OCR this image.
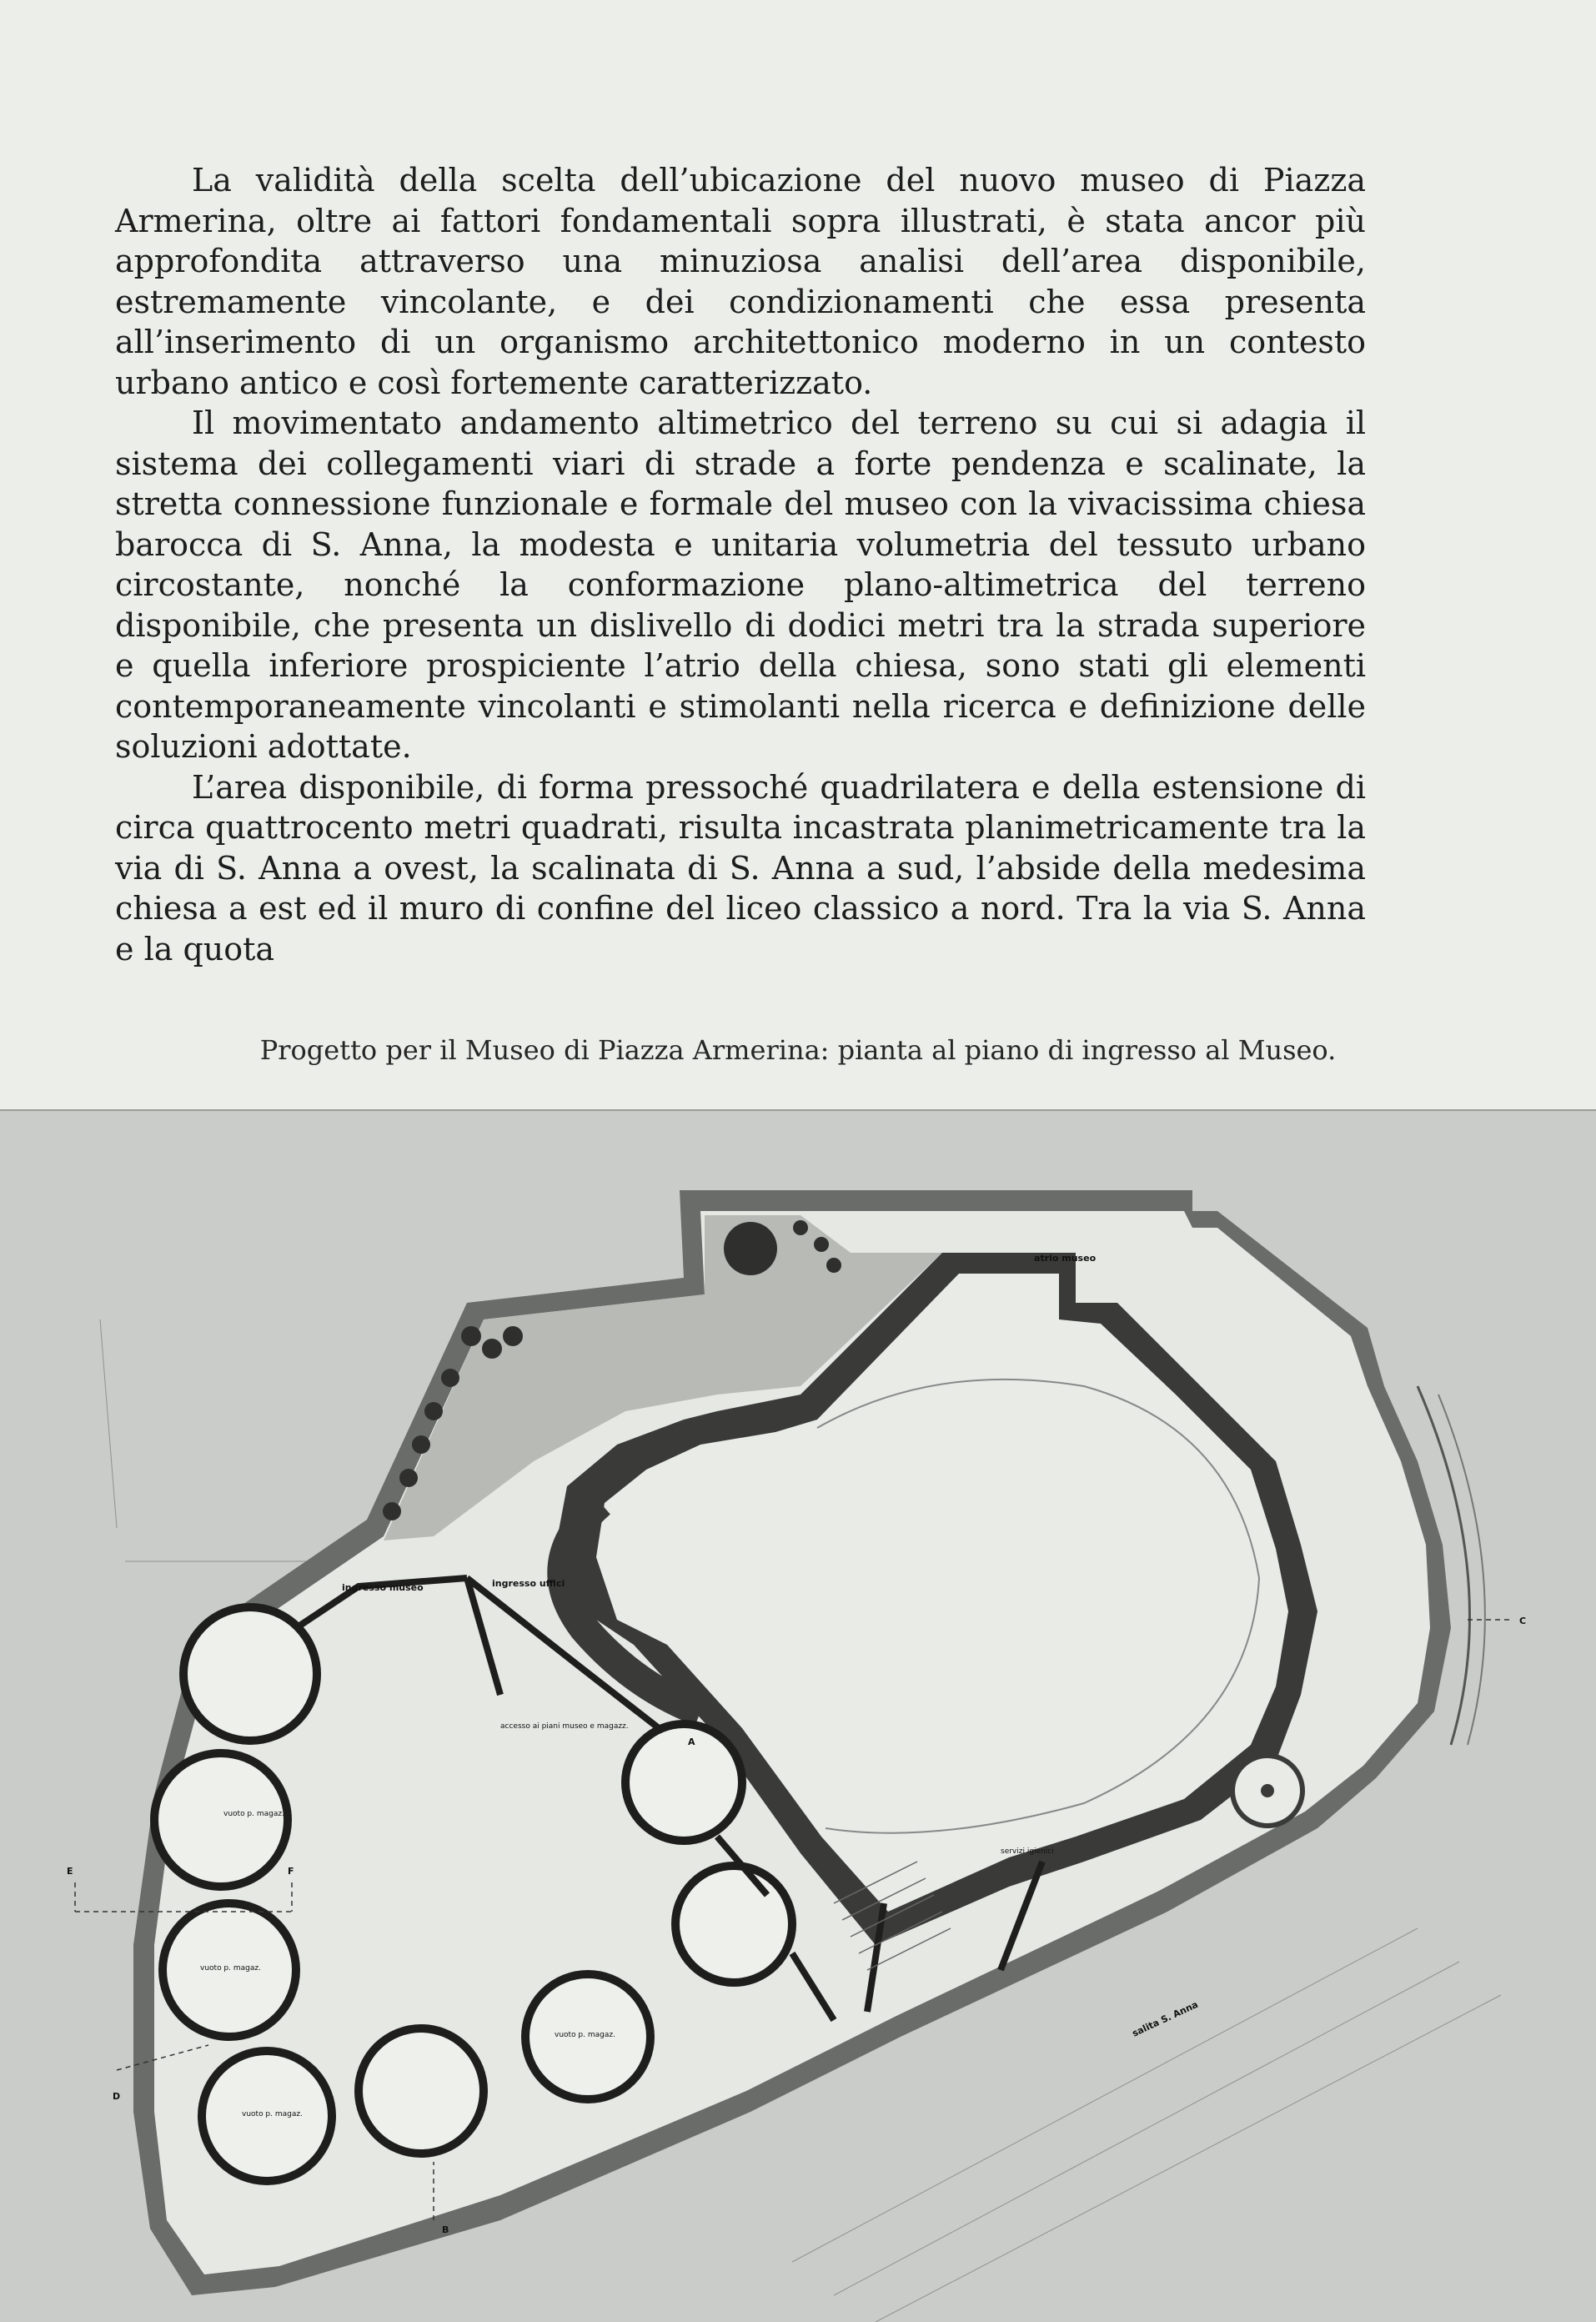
La validità della scelta dell’ubicazione del nuovo museo di Piazza Armerina, oltre ai fattori fondamentali sopra illustrati, è stata ancor più approfondita attraverso una minuziosa analisi dell’area disponibile, estremamente vincolante, e dei condizionamenti che essa presenta all’inserimento di un organismo architettonico moderno in un contesto urbano antico e così fortemente caratterizzato.

Il movimentato andamento altimetrico del terreno su cui si adagia il sistema dei collegamenti viari di strade a forte pendenza e scalinate, la stretta connessione funzionale e formale del museo con la vivacissima chiesa barocca di S. Anna, la modesta e unitaria volumetria del tessuto urbano circostante, nonché la conformazione plano-altimetrica del terreno disponibile, che presenta un dislivello di dodici metri tra la strada superiore e quella inferiore prospiciente l’atrio della chiesa, sono stati gli elementi contemporaneamente vincolanti e stimolanti nella ricerca e definizione delle soluzioni adottate.

L’area disponibile, di forma pressoché quadrilatera e della estensione di circa quattrocento metri quadrati, risulta incastrata planimetricamente tra la via di S. Anna a ovest, la scalinata di S. Anna a sud, l’abside della medesima chiesa a est ed il muro di confine del liceo classico a nord. Tra la via S. Anna e la quota

Progetto per il Museo di Piazza Armerina: pianta al piano di ingresso al Museo.
atrio museo
ingresso museo	ingresso uffici
accesso ai piani museo e magazz.
servizi igienici
salita S. Anna
vuoto p. magaz.
vuoto p. magaz.
vuoto p. magaz.
vuoto p. magaz.
C
E	F
D
B
A
